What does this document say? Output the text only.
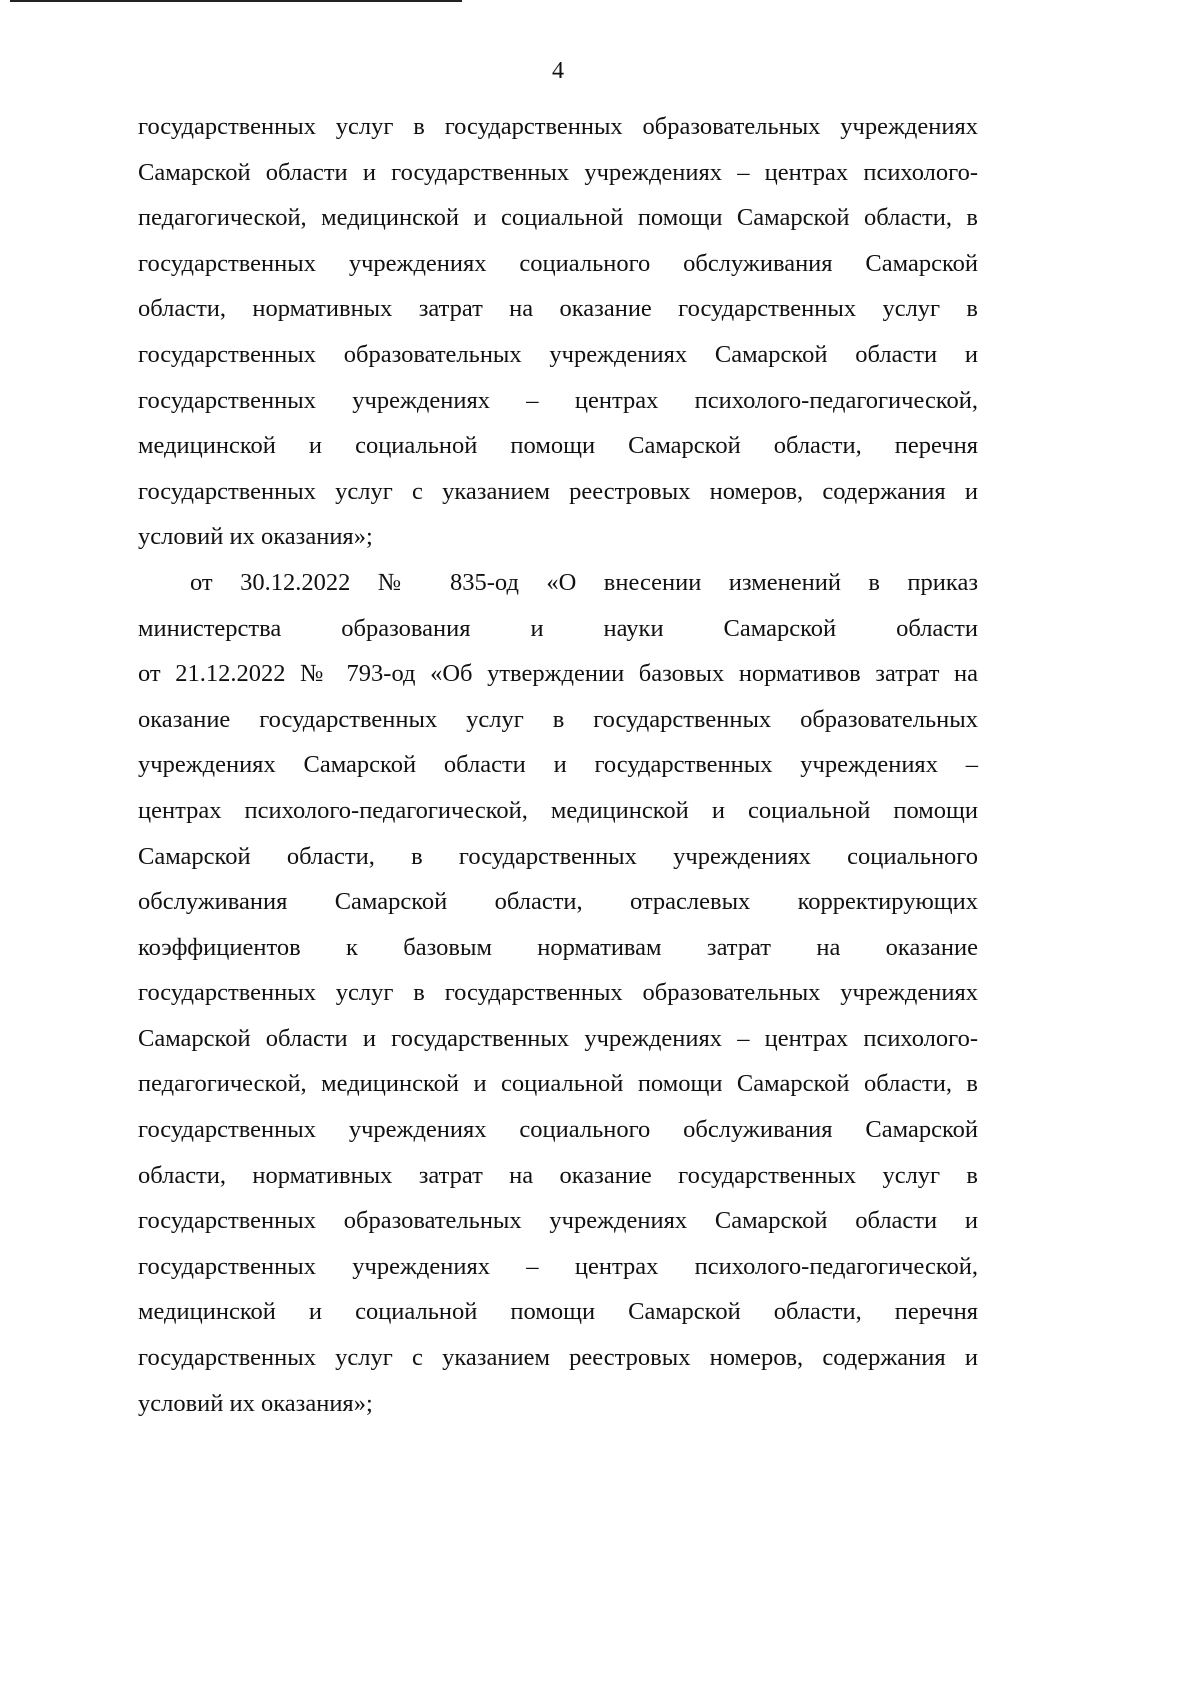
4
государственных услуг в государственных образовательных учреждениях
Самарской области и государственных учреждениях – центрах психолого-
педагогической, медицинской и социальной помощи Самарской области, в
государственных учреждениях социального обслуживания Самарской
области, нормативных затрат на оказание государственных услуг в
государственных образовательных учреждениях Самарской области и
государственных учреждениях – центрах психолого-педагогической,
медицинской и социальной помощи Самарской области, перечня
государственных услуг с указанием реестровых номеров, содержания и
условий их оказания»;
от 30.12.2022 № 835-од «О внесении изменений в приказ
министерства образования и науки Самарской области
от 21.12.2022 № 793-од «Об утверждении базовых нормативов затрат на
оказание государственных услуг в государственных образовательных
учреждениях Самарской области и государственных учреждениях –
центрах психолого-педагогической, медицинской и социальной помощи
Самарской области, в государственных учреждениях социального
обслуживания Самарской области, отраслевых корректирующих
коэффициентов к базовым нормативам затрат на оказание
государственных услуг в государственных образовательных учреждениях
Самарской области и государственных учреждениях – центрах психолого-
педагогической, медицинской и социальной помощи Самарской области, в
государственных учреждениях социального обслуживания Самарской
области, нормативных затрат на оказание государственных услуг в
государственных образовательных учреждениях Самарской области и
государственных учреждениях – центрах психолого-педагогической,
медицинской и социальной помощи Самарской области, перечня
государственных услуг с указанием реестровых номеров, содержания и
условий их оказания»;
